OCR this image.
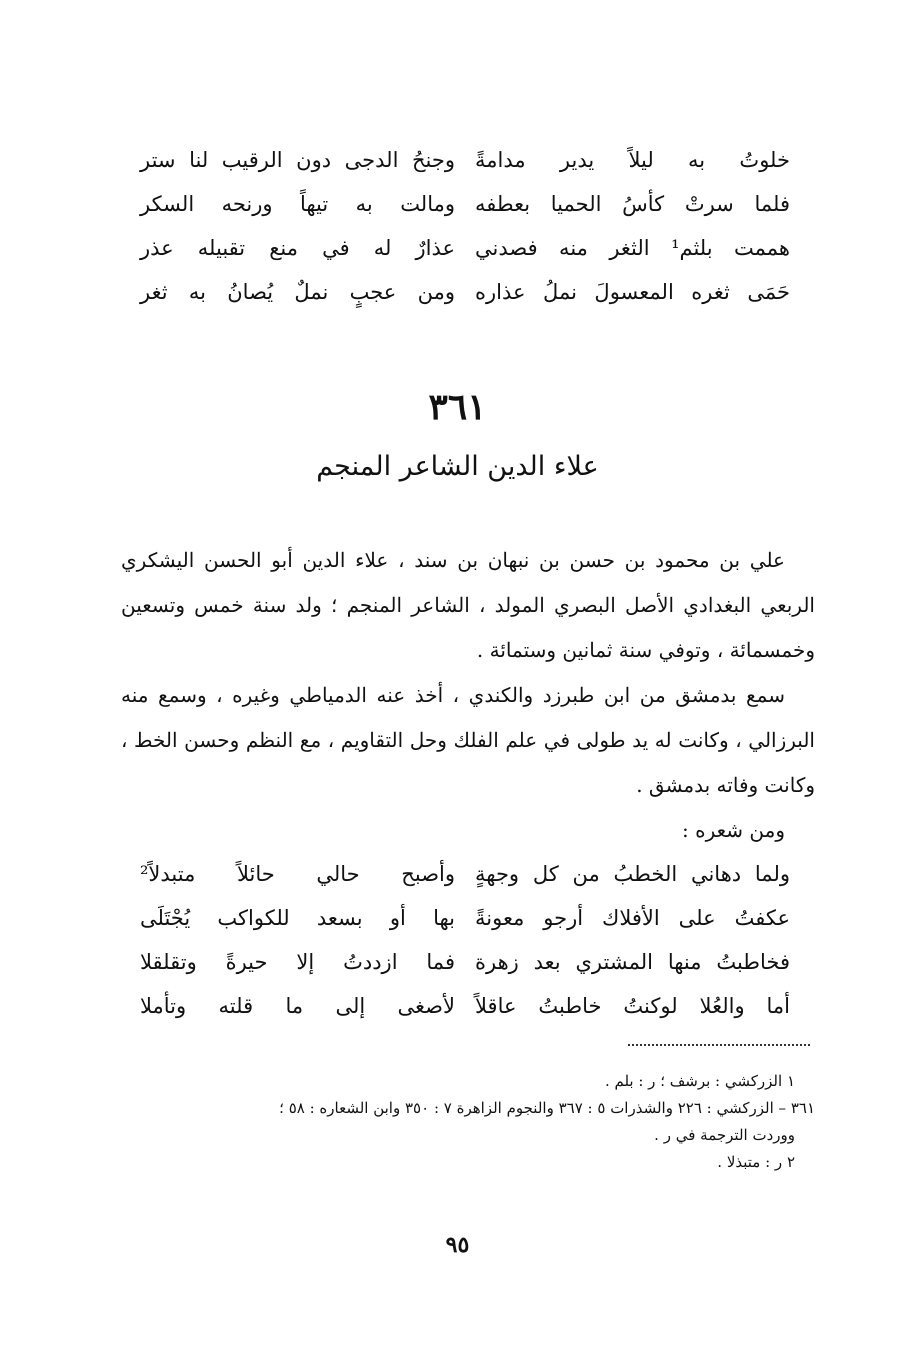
خلوتُ به ليلاً يدير مدامةً
وجنحُ الدجى دون الرقيب لنا ستر
فلما سرتْ كأسُ الحميا بعطفه
ومالت به تيهاً ورنحه السكر
هممت بلثم¹ الثغر منه فصدني
عذارٌ له في منع تقبيله عذر
حَمَى ثغره المعسولَ نملُ عذاره
ومن عجبٍ نملٌ يُصانُ به ثغر
٣٦١
علاء الدين الشاعر المنجم

علي بن محمود بن حسن بن نبهان بن سند ، علاء الدين أبو الحسن اليشكري الربعي البغدادي الأصل البصري المولد ، الشاعر المنجم ؛ ولد سنة خمس وتسعين وخمسمائة ، وتوفي سنة ثمانين وستمائة .

سمع بدمشق من ابن طبرزد والكندي ، أخذ عنه الدمياطي وغيره ، وسمع منه البرزالي ، وكانت له يد طولى في علم الفلك وحل التقاويم ، مع النظم وحسن الخط ، وكانت وفاته بدمشق .

ومن شعره :

ولما دهاني الخطبُ من كل وجهةٍ
وأصبح حالي حائلاً متبدلاً²
عكفتُ على الأفلاك أرجو معونةً
بها أو بسعد للكواكب يُجْتَلَى
فخاطبتُ منها المشتري بعد زهرة
فما ازددتُ إلا حيرةً وتقلقلا
أما والعُلا لوكنتُ خاطبتُ عاقلاً
لأصغى إلى ما قلته وتأملا

١ الزركشي : برشف ؛ ر : بلم .

٣٦١ – الزركشي : ٢٢٦ والشذرات ٥ : ٣٦٧ والنجوم الزاهرة ٧ : ٣٥٠ وابن الشعاره : ٥٨ ؛

ووردت الترجمة في ر .

٢ ر : متبذلا .

٩٥
